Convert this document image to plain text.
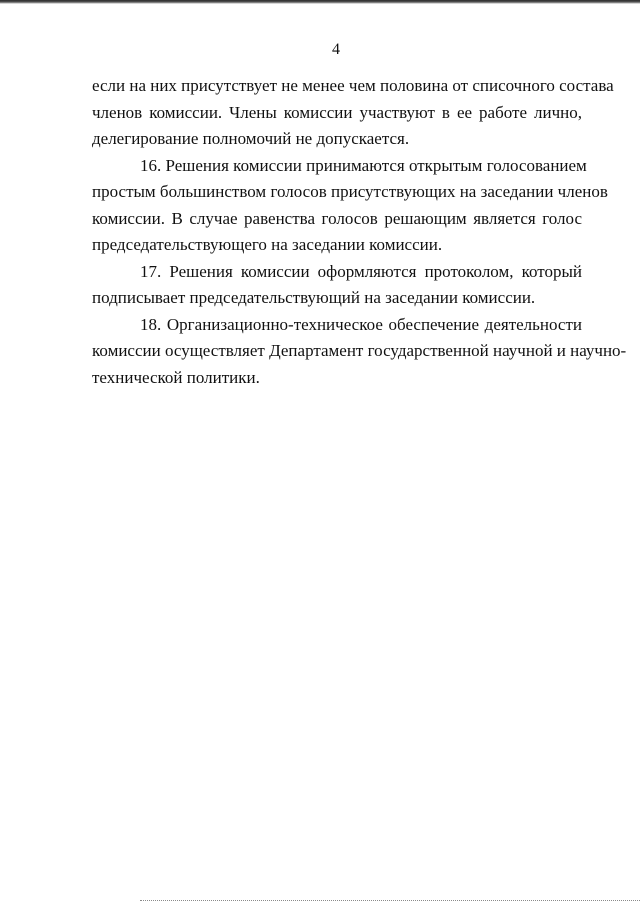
4

если на них присутствует не менее чем половина от списочного состава
членов комиссии. Члены комиссии участвуют в ее работе лично,
делегирование полномочий не допускается.

16. Решения комиссии принимаются открытым голосованием
простым большинством голосов присутствующих на заседании членов
комиссии. В случае равенства голосов решающим является голос
председательствующего на заседании комиссии.

17. Решения комиссии оформляются протоколом, который
подписывает председательствующий на заседании комиссии.

18. Организационно-техническое обеспечение деятельности
комиссии осуществляет Департамент государственной научной и научно-
технической политики.
